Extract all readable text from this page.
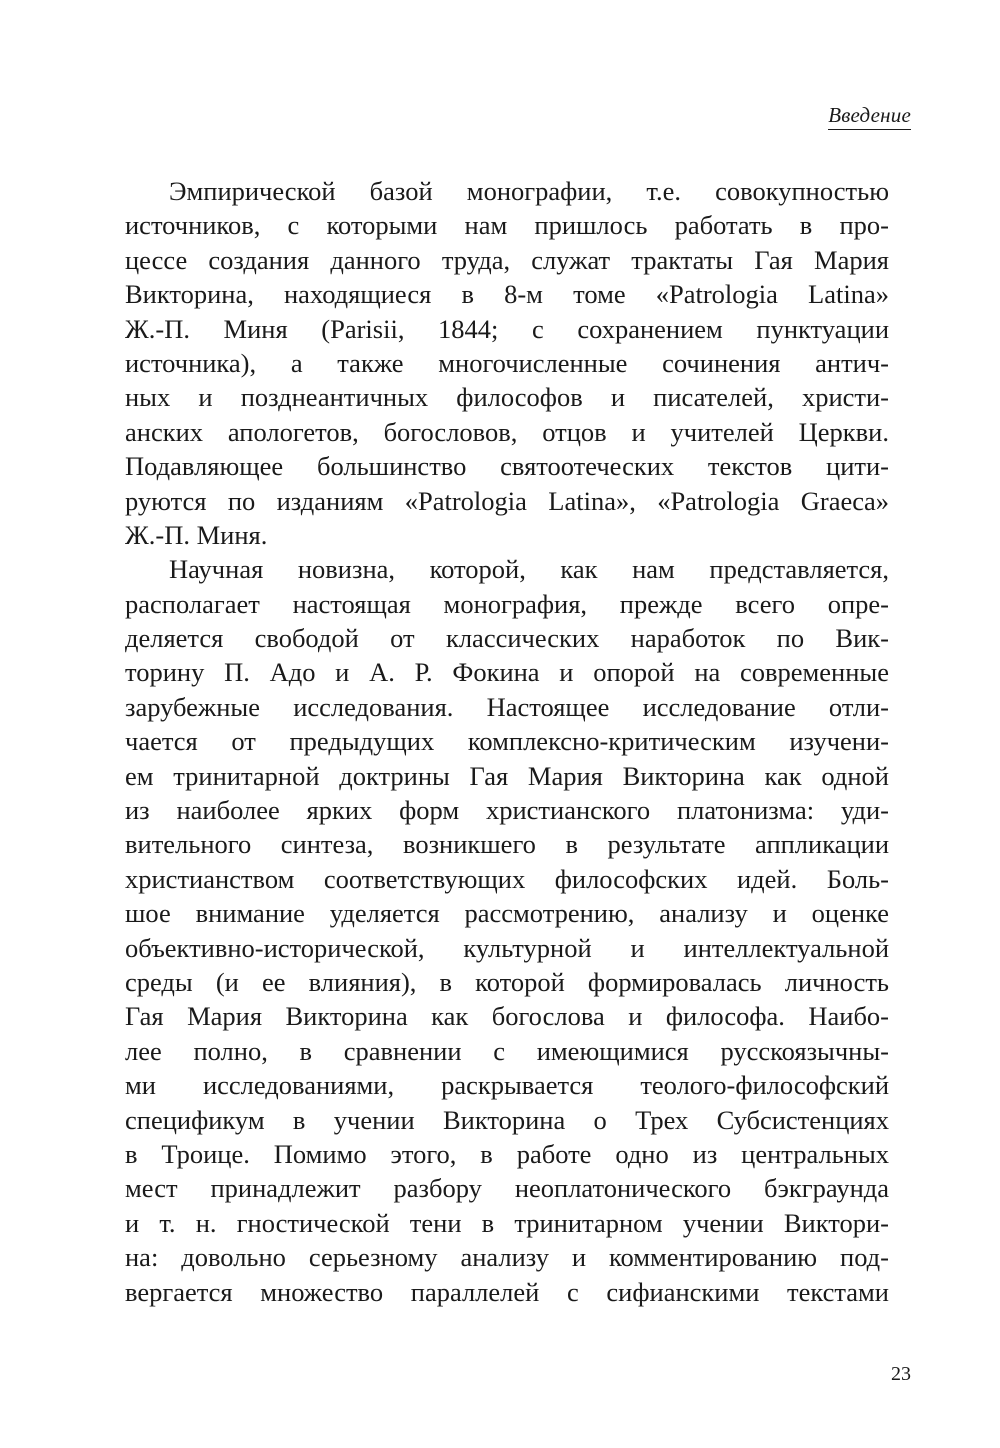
Введение
Эмпирической базой монографии, т.е. совокупностью
источников, с которыми нам пришлось работать в про-
цессе создания данного труда, служат трактаты Гая Мария
Викторина, находящиеся в 8-м томе «Patrologia Latina»
Ж.-П. Миня (Parisii, 1844; с сохранением пунктуации
источника), а также многочисленные сочинения антич-
ных и позднеантичных философов и писателей, христи-
анских апологетов, богословов, отцов и учителей Церкви.
Подавляющее большинство святоотеческих текстов цити-
руются по изданиям «Patrologia Latina», «Patrologia Graeca»
Ж.-П. Миня.
Научная новизна, которой, как нам представляется,
располагает настоящая монография, прежде всего опре-
деляется свободой от классических наработок по Вик-
торину П. Адо и А. Р. Фокина и опорой на современные
зарубежные исследования. Настоящее исследование отли-
чается от предыдущих комплексно-критическим изучени-
ем тринитарной доктрины Гая Мария Викторина как одной
из наиболее ярких форм христианского платонизма: уди-
вительного синтеза, возникшего в результате аппликации
христианством соответствующих философских идей. Боль-
шое внимание уделяется рассмотрению, анализу и оценке
объективно-исторической, культурной и интеллектуальной
среды (и ее влияния), в которой формировалась личность
Гая Мария Викторина как богослова и философа. Наибо-
лее полно, в сравнении с имеющимися русскоязычны-
ми исследованиями, раскрывается теолого-философский
спецификум в учении Викторина о Трех Субсистенциях
в Троице. Помимо этого, в работе одно из центральных
мест принадлежит разбору неоплатонического бэкграунда
и т. н. гностической тени в тринитарном учении Виктори-
на: довольно серьезному анализу и комментированию под-
вергается множество параллелей с сифианскими текстами
23
